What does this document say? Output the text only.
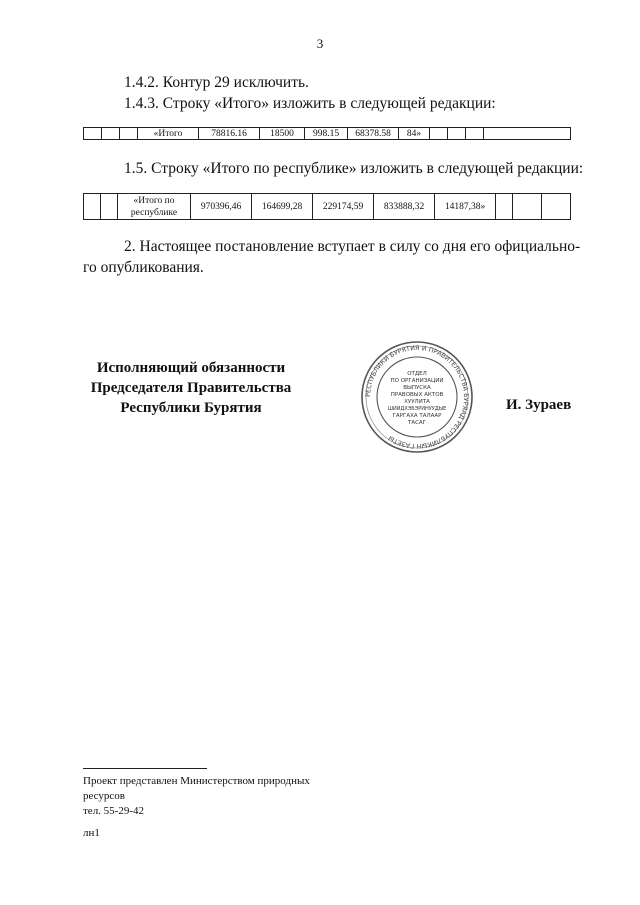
3
1.4.2. Контур 29 исключить.
1.4.3. Строку «Итого» изложить в следующей редакции:
			«Итого	78816.16	18500	998.15	68378.58	84»				
1.5. Строку «Итого по республике» изложить в следующей редакции:
		«Итого по республике	970396,46	164699,28	229174,59	833888,32	14187,38»			
2. Настоящее постановление вступает в силу со дня его официально-
го опубликования.
Исполняющий обязанности
Председателя Правительства
Республики Бурятия
РЕСПУБЛИКИ БУРЯТИЯ И ПРАВИТЕЛЬСТВА БУРЯАД РЕСПУБЛИКЫН ГАЗЕТЫ
ОТДЕЛ
ПО ОРГАНИЗАЦИИ
ВЫПУСКА
ПРАВОВЫХ АКТОВ
ХУУЛИТА
ШИИДХЭБЭРИНУУДЫЕ
ГАРГАХА ТАЛААР
ТАСАГ
И. Зураев
Проект представлен Министерством природных
ресурсов
тел. 55-29-42
лн1
